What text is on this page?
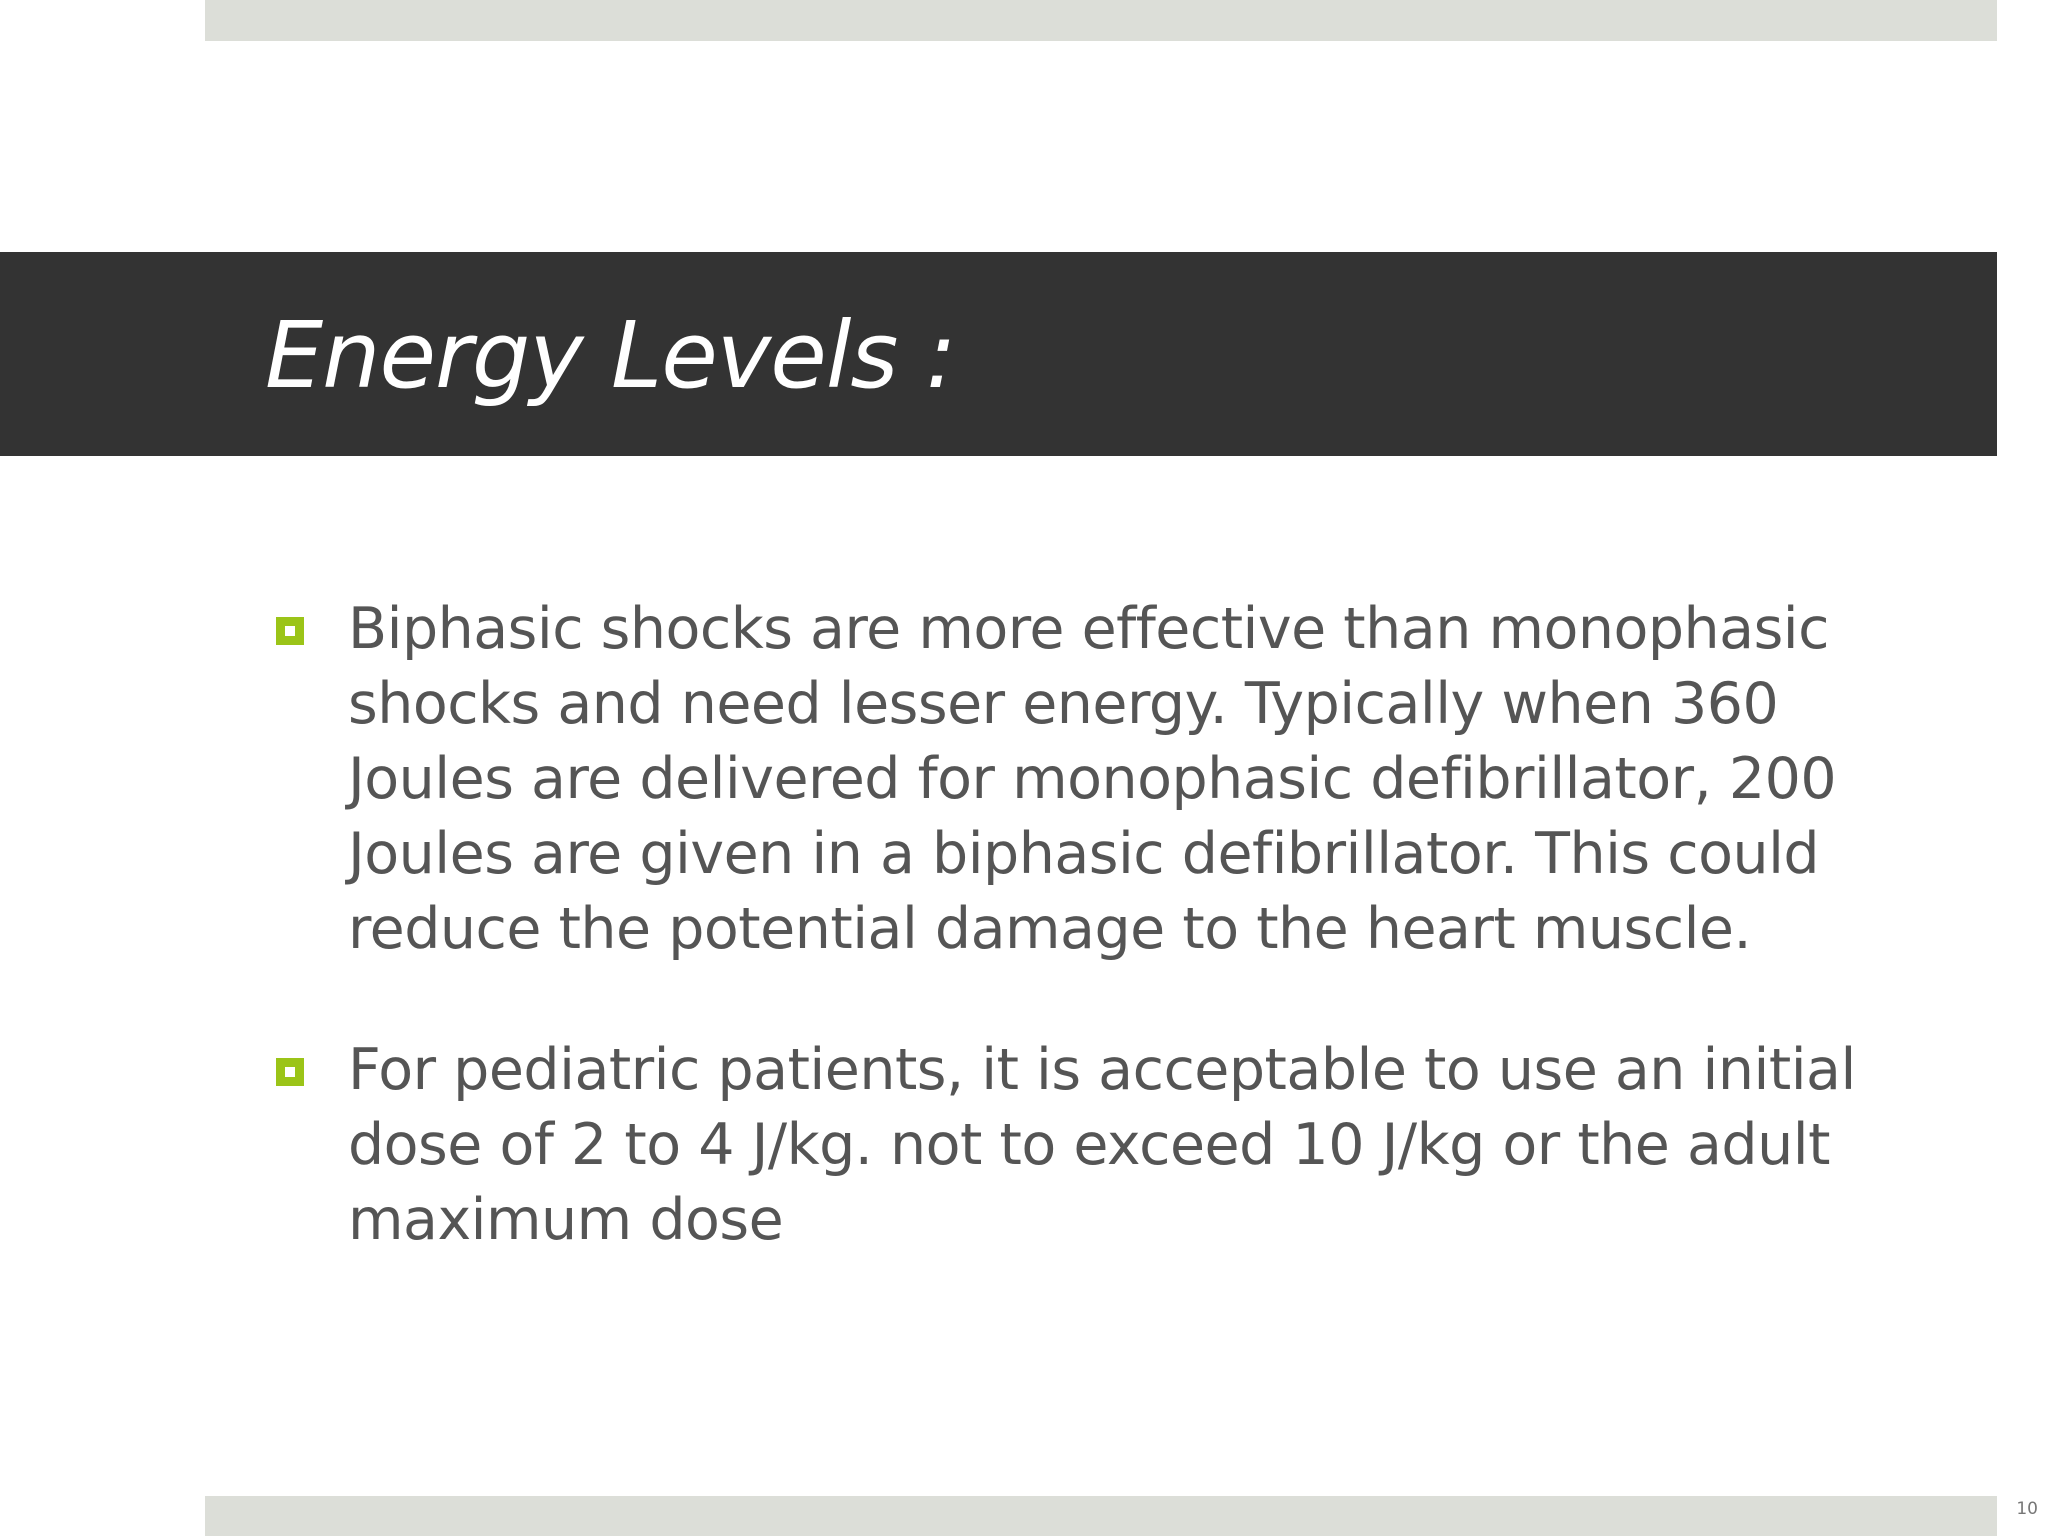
Energy Levels :
Biphasic shocks are more effective than monophasic shocks and need lesser energy. Typically when 360 Joules are delivered for monophasic defibrillator, 200 Joules are given in a biphasic defibrillator. This could reduce the potential damage to the heart muscle.
For pediatric patients, it is acceptable to use an initial dose of 2 to 4 J/kg. not to exceed 10 J/kg or the adult maximum dose
10
